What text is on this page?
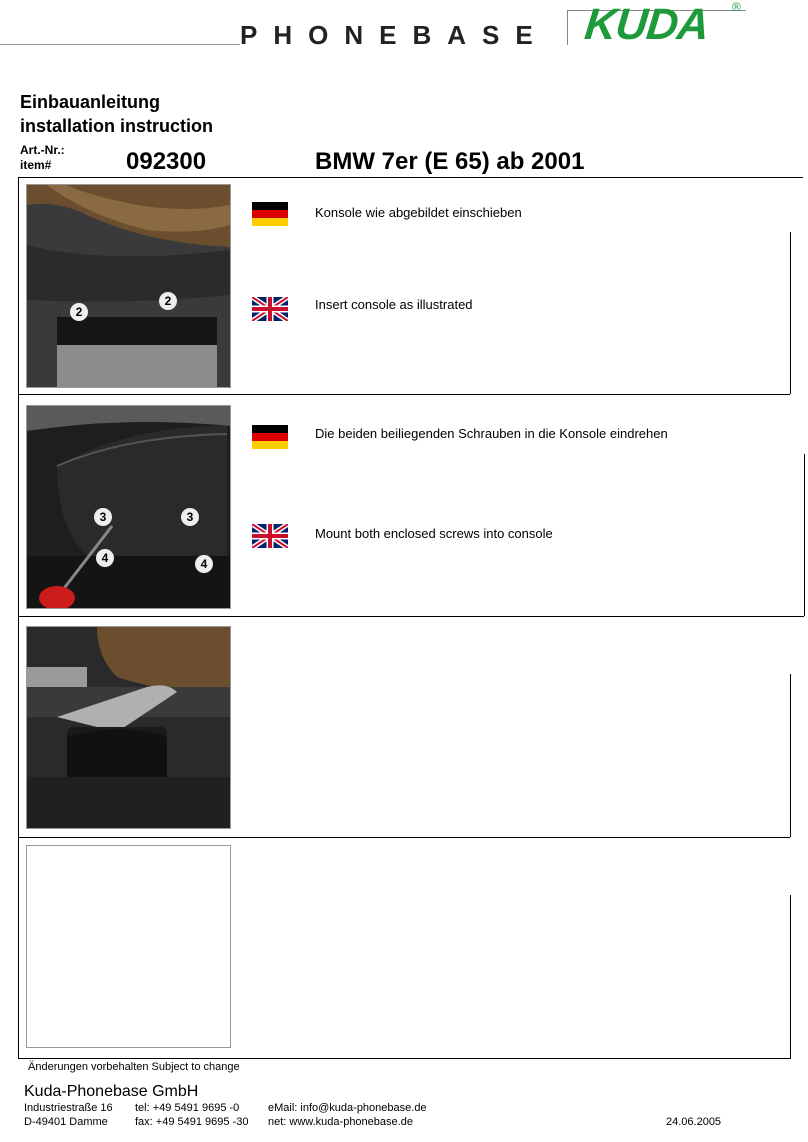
PHONEBASE KUDA ®
Einbauanleitung
installation instruction
Art.-Nr.:
item#	092300	BMW 7er (E 65) ab 2001
2
2
Konsole wie abgebildet einschieben
Insert console as illustrated
3	3
4	4
Die beiden beiliegenden Schrauben in die Konsole eindrehen
Mount both enclosed screws into console
Änderungen vorbehalten Subject to change
Kuda-Phonebase GmbH
Industriestraße 16
D-49401 Damme
tel: +49 5491 9695 -0
fax: +49 5491 9695 -30
eMail: info@kuda-phonebase.de
net: www.kuda-phonebase.de	24.06.2005
